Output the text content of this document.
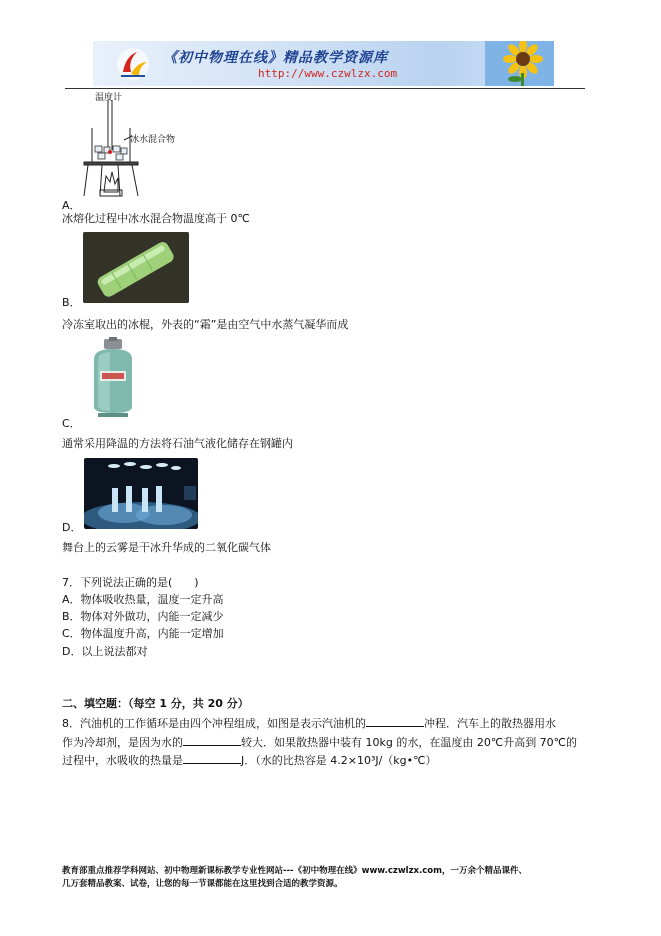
《初中物理在线》精品教学资源库
http://www.czwlzx.com
温度计
冰水混合物
A．
冰熔化过程中冰水混合物温度高于 0℃
B．
冷冻室取出的冰棍，外表的“霜”是由空气中水蒸气凝华而成
C．
通常采用降温的方法将石油气液化储存在钢罐内
D．
舞台上的云雾是干冰升华成的二氧化碳气体
7．下列说法正确的是(　　)
A．物体吸收热量，温度一定升高
B．物体对外做功，内能一定减少
C．物体温度升高，内能一定增加
D．以上说法都对
二、填空题：（每空 1 分，共 20 分）
8．汽油机的工作循环是由四个冲程组成，如图是表示汽油机的	冲程．汽车上的散热器用水
作为冷却剂，是因为水的	较大．如果散热器中装有 10kg 的水，在温度由 20℃升高到 70℃的
过程中，水吸收的热量是	J．（水的比热容是 4.2×10³J/（kg•℃）
教育部重点推荐学科网站、初中物理新课标教学专业性网站---《初中物理在线》www.czwlzx.com，一万余个精品课件、
几万套精品教案、试卷，让您的每一节课都能在这里找到合适的教学资源。
